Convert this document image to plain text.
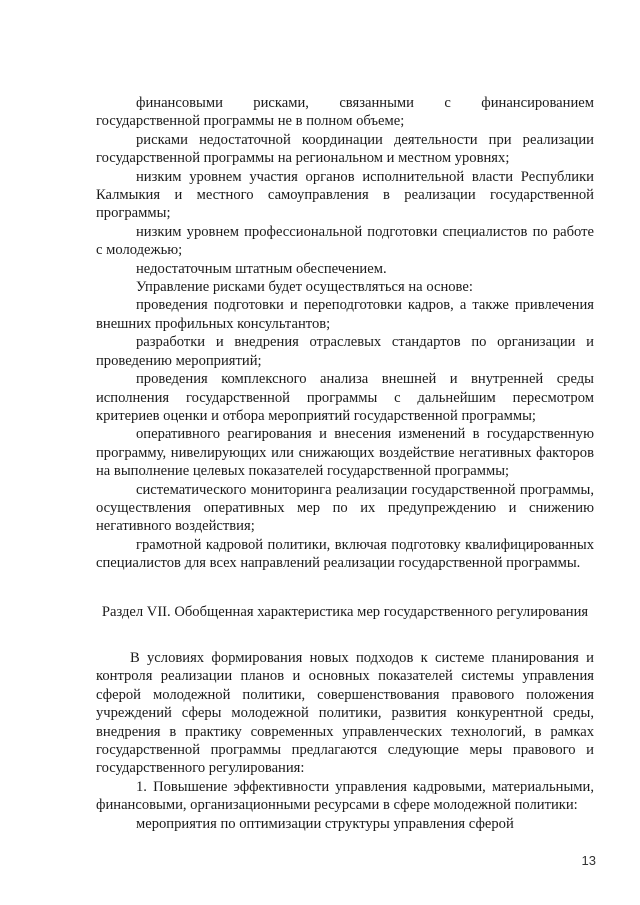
финансовыми рисками, связанными с финансированием государственной программы не в полном объеме;

рисками недостаточной координации деятельности при реализации государственной программы на региональном и местном уровнях;

низким уровнем участия органов исполнительной власти Республики Калмыкия и местного самоуправления в реализации государственной программы;

низким уровнем профессиональной подготовки специалистов по работе с молодежью;

недостаточным штатным обеспечением.

Управление рисками будет осуществляться на основе:

проведения подготовки и переподготовки кадров, а также привлечения внешних профильных консультантов;

разработки и внедрения отраслевых стандартов по организации и проведению мероприятий;

проведения комплексного анализа внешней и внутренней среды исполнения государственной программы с дальнейшим пересмотром критериев оценки и отбора мероприятий государственной программы;

оперативного реагирования и внесения изменений в государственную программу, нивелирующих или снижающих воздействие негативных факторов на выполнение целевых показателей государственной программы;

систематического мониторинга реализации государственной программы, осуществления оперативных мер по их предупреждению и снижению негативного воздействия;

грамотной кадровой политики, включая подготовку квалифицированных специалистов для всех направлений реализации государственной программы.

Раздел VII. Обобщенная характеристика мер государственного регулирования

В условиях формирования новых подходов к системе планирования и контроля реализации планов и основных показателей системы управления сферой молодежной политики, совершенствования правового положения учреждений сферы молодежной политики, развития конкурентной среды, внедрения в практику современных управленческих технологий, в рамках государственной программы предлагаются следующие меры правового и государственного регулирования:

1. Повышение эффективности управления кадровыми, материальными, финансовыми, организационными ресурсами в сфере молодежной политики:

мероприятия по оптимизации структуры управления сферой

13
